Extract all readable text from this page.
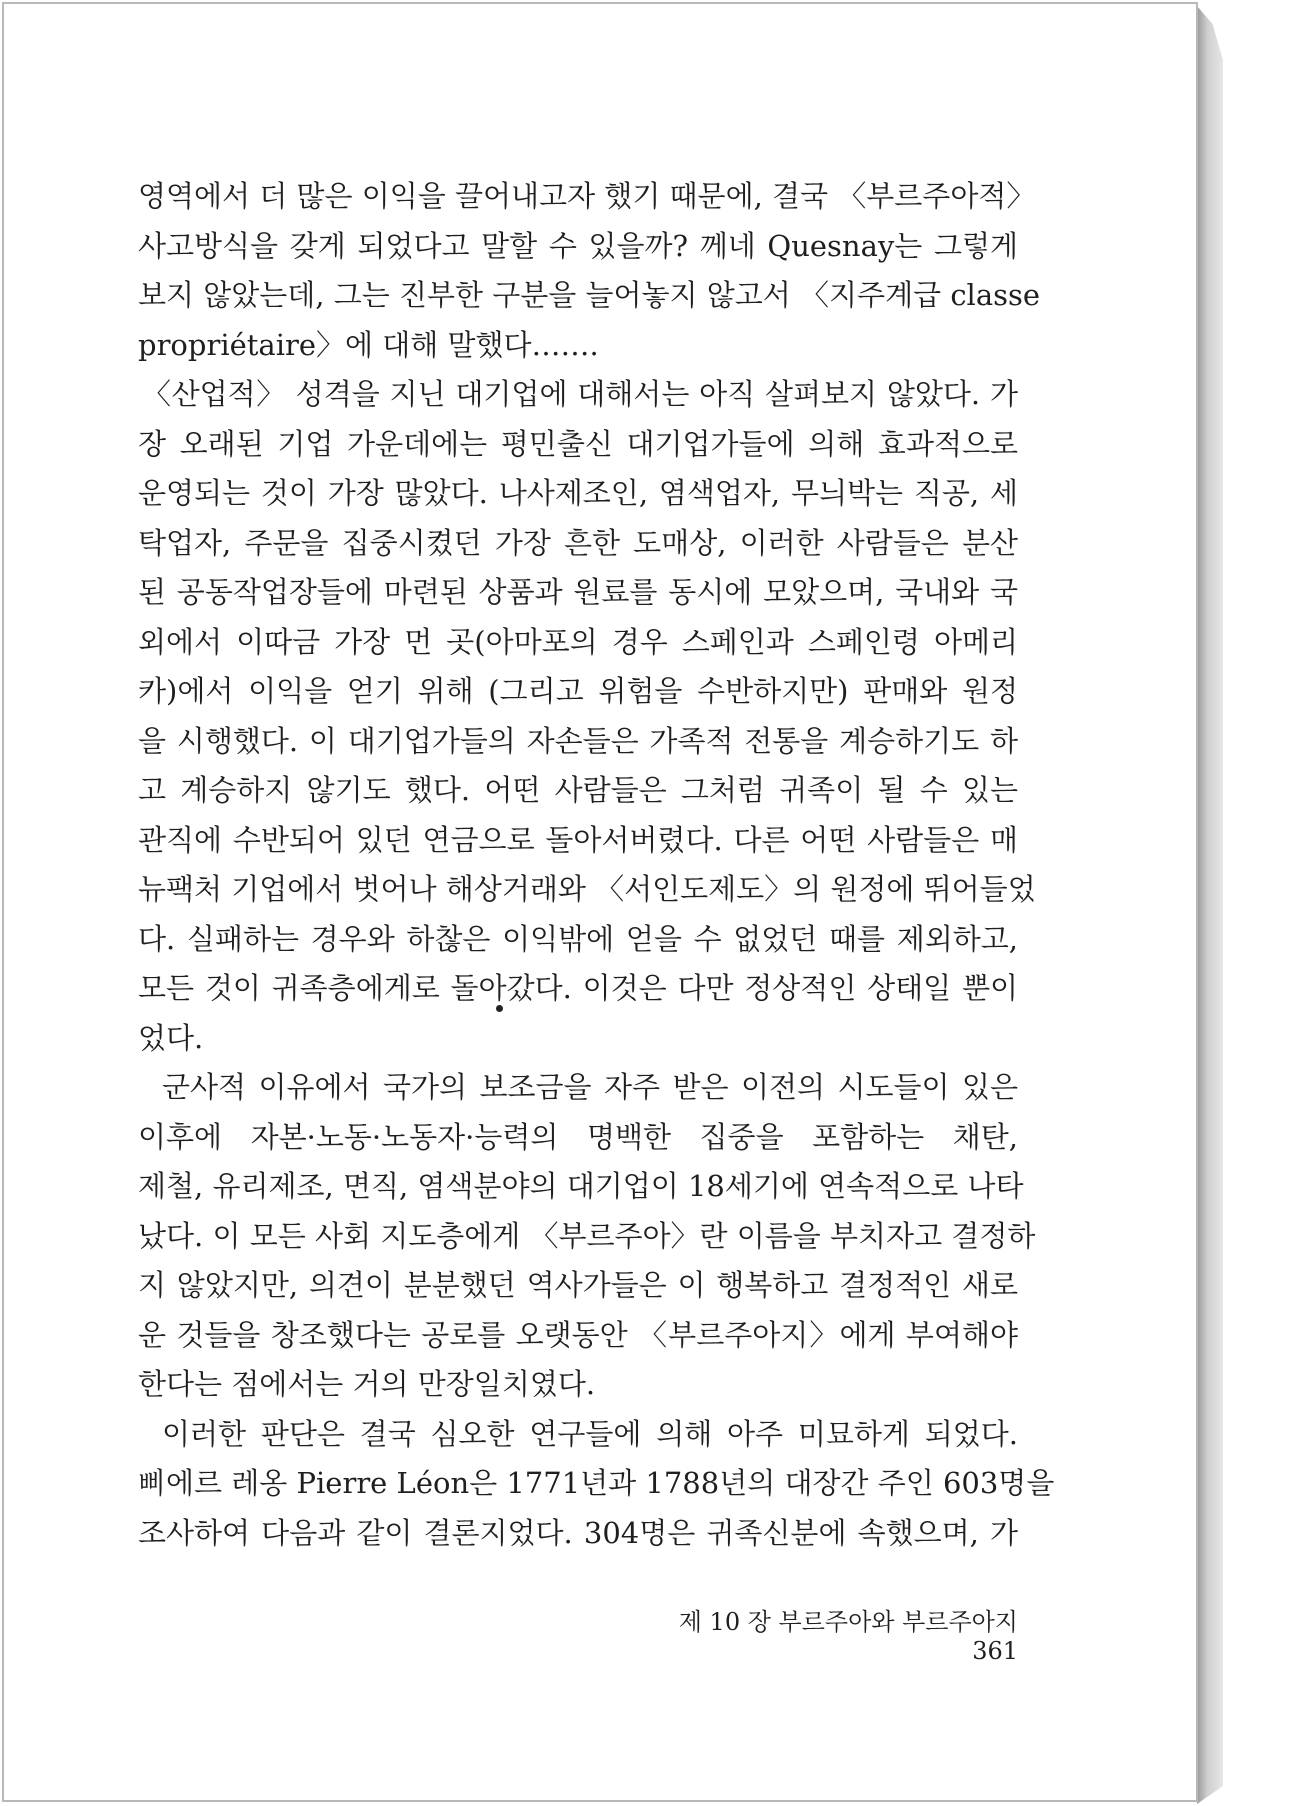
영역에서 더 많은 이익을 끌어내고자 했기 때문에, 결국 〈부르주아적〉
사고방식을 갖게 되었다고 말할 수 있을까? 께네 Quesnay는 그렇게
보지 않았는데, 그는 진부한 구분을 늘어놓지 않고서 〈지주계급 classe
propriétaire〉에 대해 말했다…….
〈산업적〉 성격을 지닌 대기업에 대해서는 아직 살펴보지 않았다. 가
장 오래된 기업 가운데에는 평민출신 대기업가들에 의해 효과적으로
운영되는 것이 가장 많았다. 나사제조인, 염색업자, 무늬박는 직공, 세
탁업자, 주문을 집중시켰던 가장 흔한 도매상, 이러한 사람들은 분산
된 공동작업장들에 마련된 상품과 원료를 동시에 모았으며, 국내와 국
외에서 이따금 가장 먼 곳(아마포의 경우 스페인과 스페인령 아메리
카)에서 이익을 얻기 위해 (그리고 위험을 수반하지만) 판매와 원정
을 시행했다. 이 대기업가들의 자손들은 가족적 전통을 계승하기도 하
고 계승하지 않기도 했다. 어떤 사람들은 그처럼 귀족이 될 수 있는
관직에 수반되어 있던 연금으로 돌아서버렸다. 다른 어떤 사람들은 매
뉴팩처 기업에서 벗어나 해상거래와 〈서인도제도〉의 원정에 뛰어들었
다. 실패하는 경우와 하찮은 이익밖에 얻을 수 없었던 때를 제외하고,
모든 것이 귀족층에게로 돌아갔다. 이것은 다만 정상적인 상태일 뿐이
었다.
군사적 이유에서 국가의 보조금을 자주 받은 이전의 시도들이 있은
이후에 자본·노동·노동자·능력의 명백한 집중을 포함하는 채탄,
제철, 유리제조, 면직, 염색분야의 대기업이 18세기에 연속적으로 나타
났다. 이 모든 사회 지도층에게 〈부르주아〉란 이름을 부치자고 결정하
지 않았지만, 의견이 분분했던 역사가들은 이 행복하고 결정적인 새로
운 것들을 창조했다는 공로를 오랫동안 〈부르주아지〉에게 부여해야
한다는 점에서는 거의 만장일치였다.
이러한 판단은 결국 심오한 연구들에 의해 아주 미묘하게 되었다.
삐에르 레옹 Pierre Léon은 1771년과 1788년의 대장간 주인 603명을
조사하여 다음과 같이 결론지었다. 304명은 귀족신분에 속했으며, 가
제 10 장 부르주아와 부르주아지361
